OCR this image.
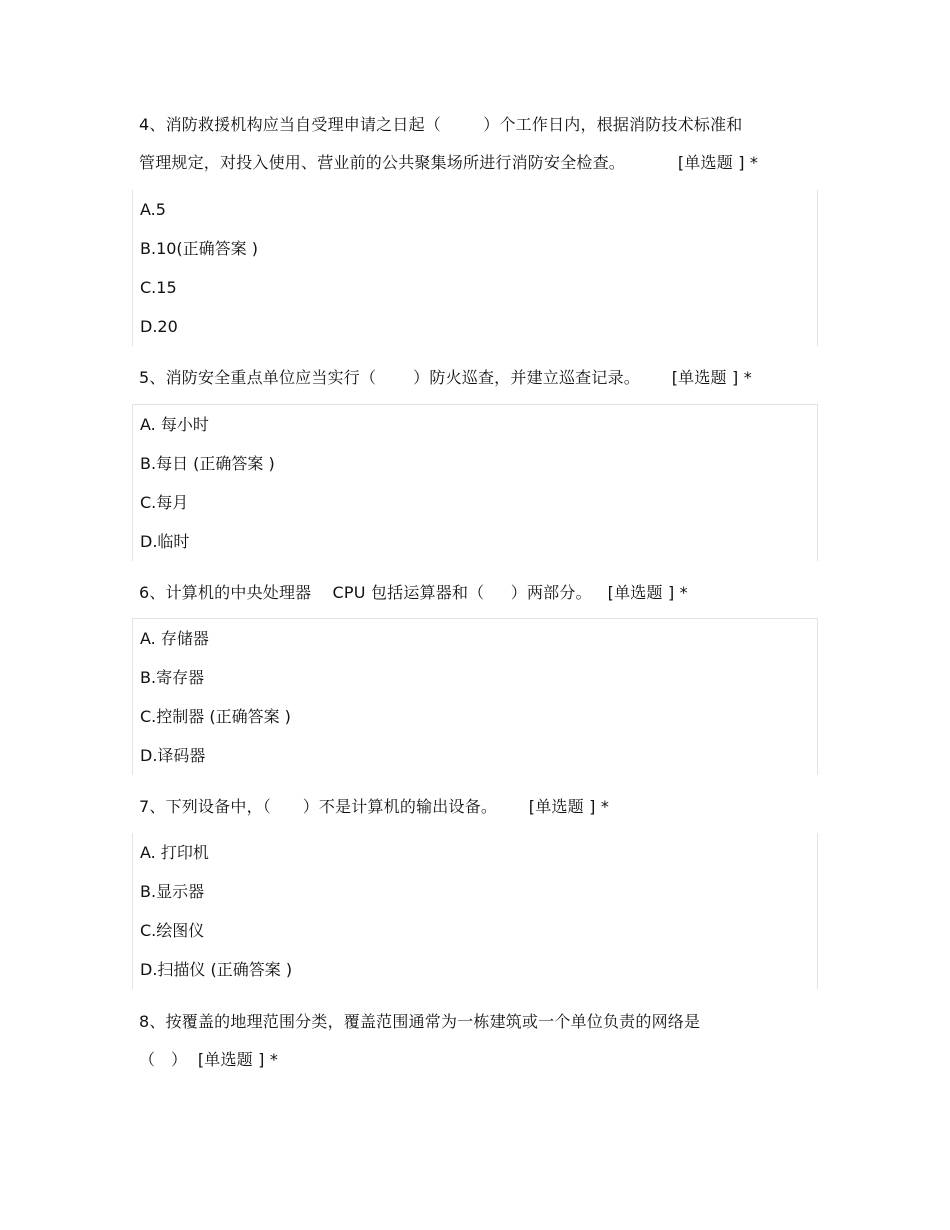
4、消防救援机构应当自受理申请之日起（        ）个工作日内，根据消防技术标准和
管理规定，对投入使用、营业前的公共聚集场所进行消防安全检查。          [单选题 ] *
A.5
B.10(正确答案 )
C.15
D.20
5、消防安全重点单位应当实行（       ）防火巡查，并建立巡查记录。      [单选题 ] *
A. 每小时
B.每日 (正确答案 )
C.每月
D.临时
6、计算机的中央处理器    CPU 包括运算器和（     ）两部分。   [单选题 ] *
A. 存储器
B.寄存器
C.控制器 (正确答案 )
D.译码器
7、下列设备中，（      ）不是计算机的输出设备。      [单选题 ] *
A. 打印机
B.显示器
C.绘图仪
D.扫描仪 (正确答案 )
8、按覆盖的地理范围分类，覆盖范围通常为一栋建筑或一个单位负责的网络是
（   ）  [单选题 ] *
